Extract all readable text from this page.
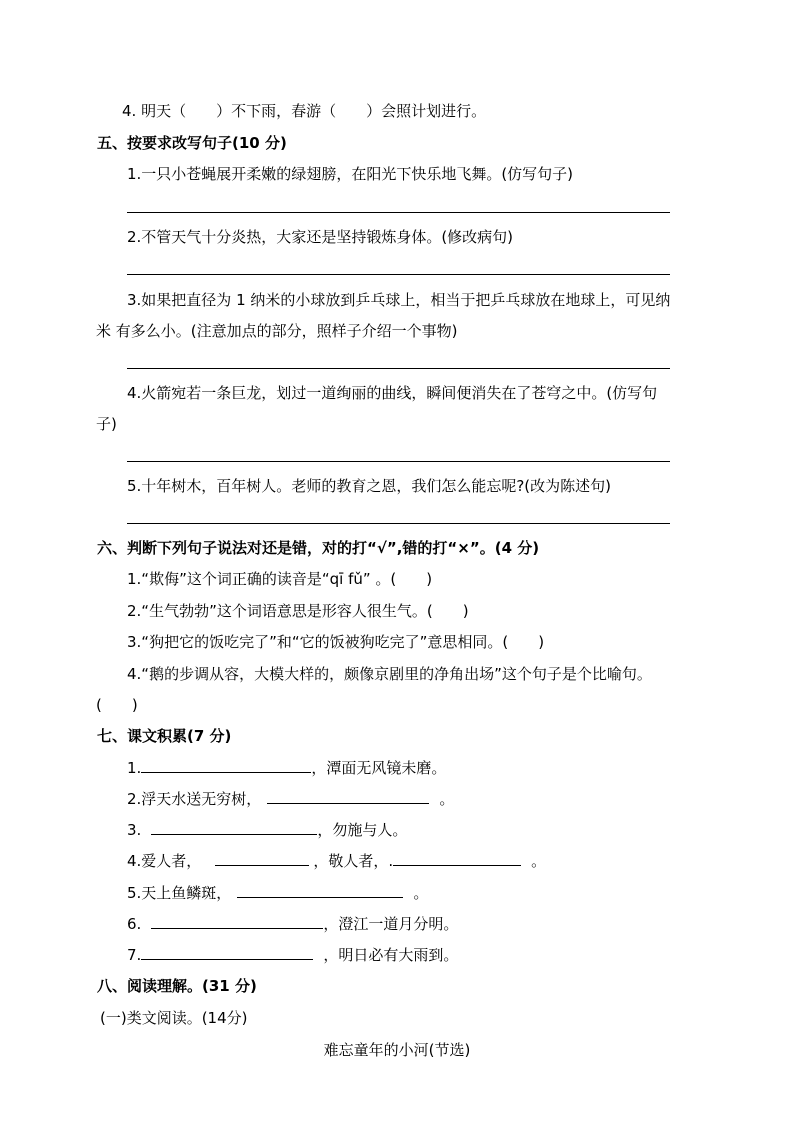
4. 明天（　　）不下雨，春游（　　）会照计划进行。
五、按要求改写句子(10 分)
1.一只小苍蝇展开柔嫩的绿翅膀，在阳光下快乐地飞舞。(仿写句子)
2.不管天气十分炎热，大家还是坚持锻炼身体。(修改病句)
3.如果把直径为 1 纳米的小球放到乒乓球上，相当于把乒乓球放在地球上，可见纳
米 有多么小。(注意加点的部分，照样子介绍一个事物)
4.火箭宛若一条巨龙，划过一道绚丽的曲线，瞬间便消失在了苍穹之中。(仿写句
子)
5.十年树木，百年树人。老师的教育之恩，我们怎么能忘呢?(改为陈述句)
六、判断下列句子说法对还是错，对的打“√”,错的打“×”。(4 分)
1.“欺侮”这个词正确的读音是“qī fǔ” 。(　　)
2.“生气勃勃”这个词语意思是形容人很生气。(　　)
3.“狗把它的饭吃完了”和“它的饭被狗吃完了”意思相同。(　　)
4.“鹅的步调从容，大模大样的，颇像京剧里的净角出场”这个句子是个比喻句。
(　　)
七、课文积累(7 分)
1.	，潭面无风镜未磨。
2.浮天水送无穷树，	。
3.	，勿施与人。
4.爱人者，	，敬人者，.	。
5.天上鱼鳞斑，	。
6.	，澄江一道月分明。
7.	，明日必有大雨到。
八、阅读理解。(31 分)
(一)类文阅读。(14分)
难忘童年的小河(节选)
